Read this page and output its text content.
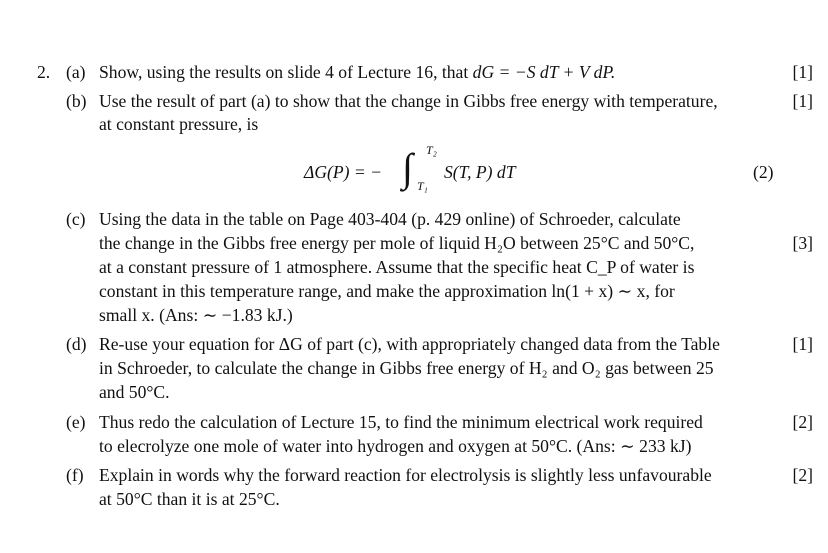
2. (a) Show, using the results on slide 4 of Lecture 16, that dG = −S dT + V dP.	[1]
(b) Use the result of part (a) to show that the change in Gibbs free energy with temperature,
at constant pressure, is
[1]
ΔG(P) = − ∫ T₂
T₁
S(T, P) dT	(2)
(c) Using the data in the table on Page 403-404 (p. 429 online) of Schroeder, calculate
the change in the Gibbs free energy per mole of liquid H₂O between 25°C and 50°C,
at a constant pressure of 1 atmosphere. Assume that the specific heat C_P of water is
constant in this temperature range, and make the approximation ln(1 + x) ∼ x, for
small x. (Ans: ∼ −1.83 kJ.)
[3]
(d) Re-use your equation for ΔG of part (c), with appropriately changed data from the Table
in Schroeder, to calculate the change in Gibbs free energy of H₂ and O₂ gas between 25
and 50°C.
[1]
(e) Thus redo the calculation of Lecture 15, to find the minimum electrical work required
to elecrolyze one mole of water into hydrogen and oxygen at 50°C. (Ans: ∼ 233 kJ)
[2]
(f) Explain in words why the forward reaction for electrolysis is slightly less unfavourable
at 50°C than it is at 25°C.
[2]
